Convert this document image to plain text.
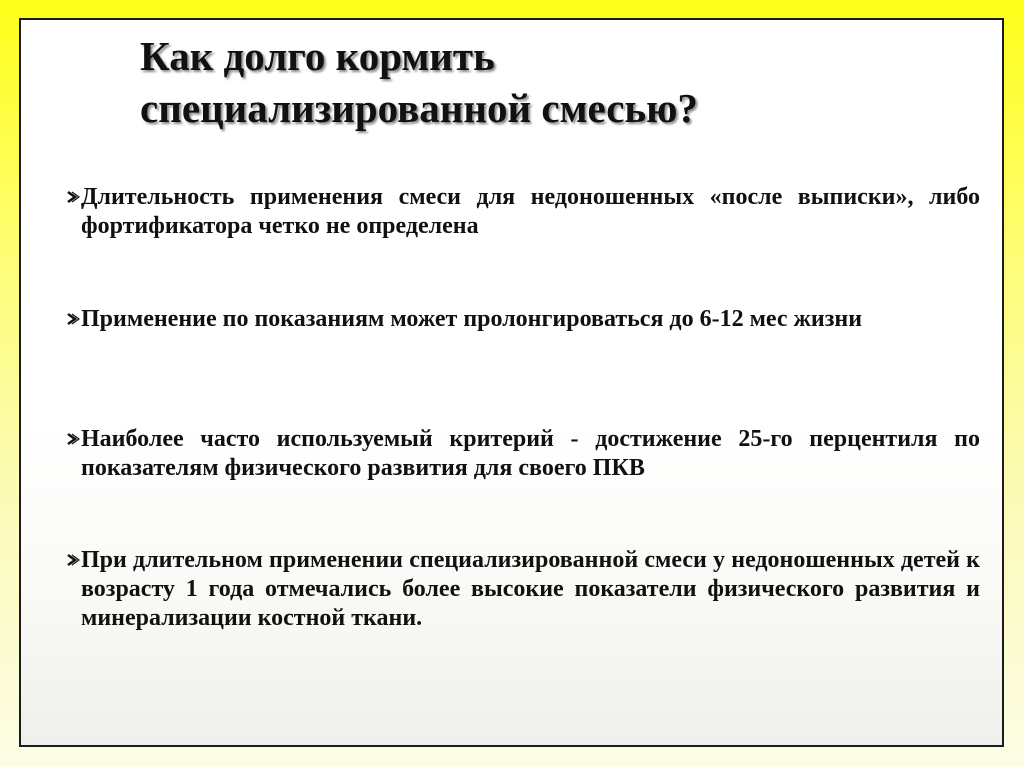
Как долго кормить
специализированной смесью?
Длительность применения смеси для недоношенных «после выписки», либо фортификатора четко не определена
Применение по показаниям может пролонгироваться до 6-12 мес жизни
Наиболее часто используемый критерий - достижение 25-го перцентиля по показателям физического развития для своего ПКВ
При длительном применении специализированной смеси у недоношенных детей к возрасту 1 года отмечались более высокие показатели физического развития и минерализации костной ткани.
